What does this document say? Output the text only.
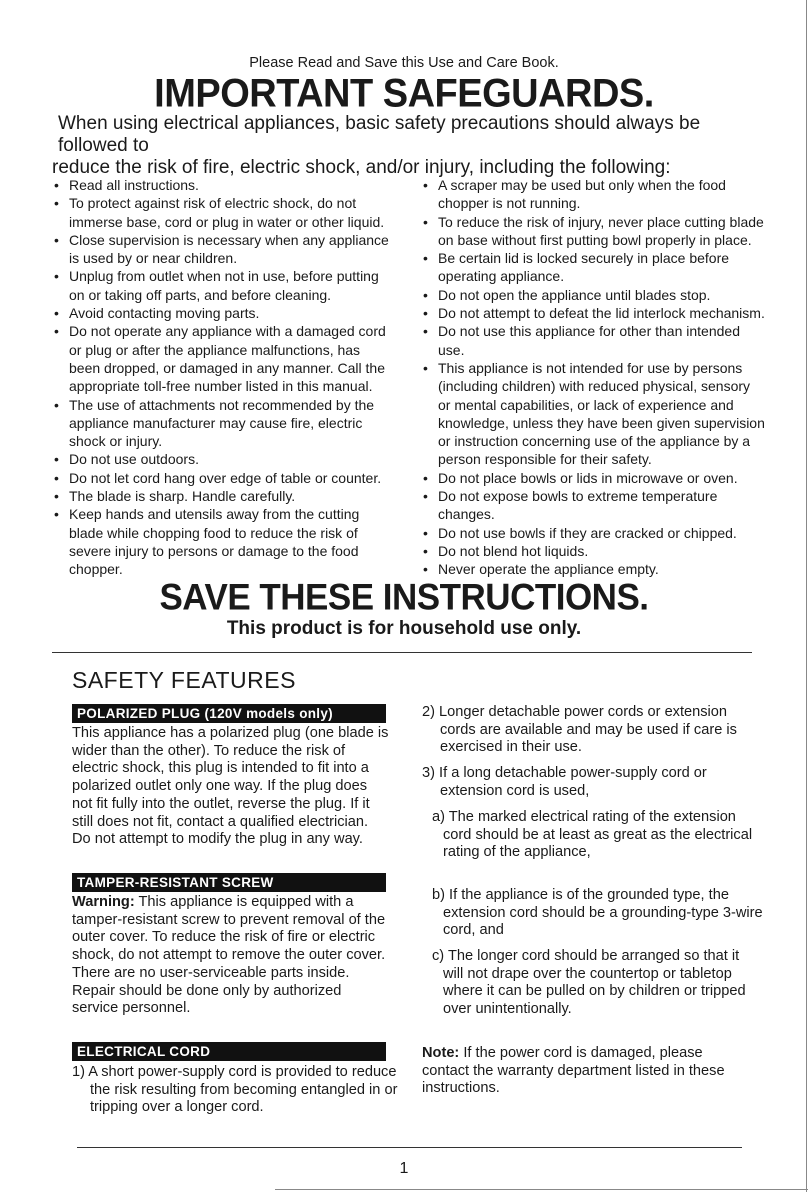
Please Read and Save this Use and Care Book.
IMPORTANT SAFEGUARDS.
When using electrical appliances, basic safety precautions should always be followed to
reduce the risk of fire, electric shock, and/or injury, including the following:
• Read all instructions.
• To protect against risk of electric shock, do not immerse base, cord or plug in water or other liquid.
• Close supervision is necessary when any appliance is used by or near children.
• Unplug from outlet when not in use, before putting on or taking off parts, and before cleaning.
• Avoid contacting moving parts.
• Do not operate any appliance with a damaged cord or plug or after the appliance malfunctions, has been dropped, or damaged in any manner. Call the appropriate toll-free number listed in this manual.
• The use of attachments not recommended by the appliance manufacturer may cause fire, electric shock or injury.
• Do not use outdoors.
• Do not let cord hang over edge of table or counter.
• The blade is sharp. Handle carefully.
• Keep hands and utensils away from the cutting blade while chopping food to reduce the risk of severe injury to persons or damage to the food chopper.
• A scraper may be used but only when the food chopper is not running.
• To reduce the risk of injury, never place cutting blade on base without first putting bowl properly in place.
• Be certain lid is locked securely in place before operating appliance.
• Do not open the appliance until blades stop.
• Do not attempt to defeat the lid interlock mechanism.
• Do not use this appliance for other than intended use.
• This appliance is not intended for use by persons (including children) with reduced physical, sensory or mental capabilities, or lack of experience and knowledge, unless they have been given supervision or instruction concerning use of the appliance by a person responsible for their safety.
• Do not place bowls or lids in microwave or oven.
• Do not expose bowls to extreme temperature changes.
• Do not use bowls if they are cracked or chipped.
• Do not blend hot liquids.
• Never operate the appliance empty.
SAVE THESE INSTRUCTIONS.
This product is for household use only.
SAFETY FEATURES
POLARIZED PLUG (120V models only)
This appliance has a polarized plug (one blade is wider than the other). To reduce the risk of electric shock, this plug is intended to fit into a polarized outlet only one way. If the plug does not fit fully into the outlet, reverse the plug. If it still does not fit, contact a qualified electrician. Do not attempt to modify the plug in any way.
TAMPER-RESISTANT SCREW
Warning: This appliance is equipped with a tamper-resistant screw to prevent removal of the outer cover. To reduce the risk of fire or electric shock, do not attempt to remove the outer cover. There are no user-serviceable parts inside. Repair should be done only by authorized service personnel.
ELECTRICAL CORD
1) A short power-supply cord is provided to reduce the risk resulting from becoming entangled in or tripping over a longer cord.
2) Longer detachable power cords or extension cords are available and may be used if care is exercised in their use.
3) If a long detachable power-supply cord or extension cord is used,
a) The marked electrical rating of the extension cord should be at least as great as the electrical rating of the appliance,
b) If the appliance is of the grounded type, the extension cord should be a grounding-type 3-wire cord, and
c) The longer cord should be arranged so that it will not drape over the countertop or tabletop where it can be pulled on by children or tripped over unintentionally.
Note: If the power cord is damaged, please contact the warranty department listed in these instructions.
1
